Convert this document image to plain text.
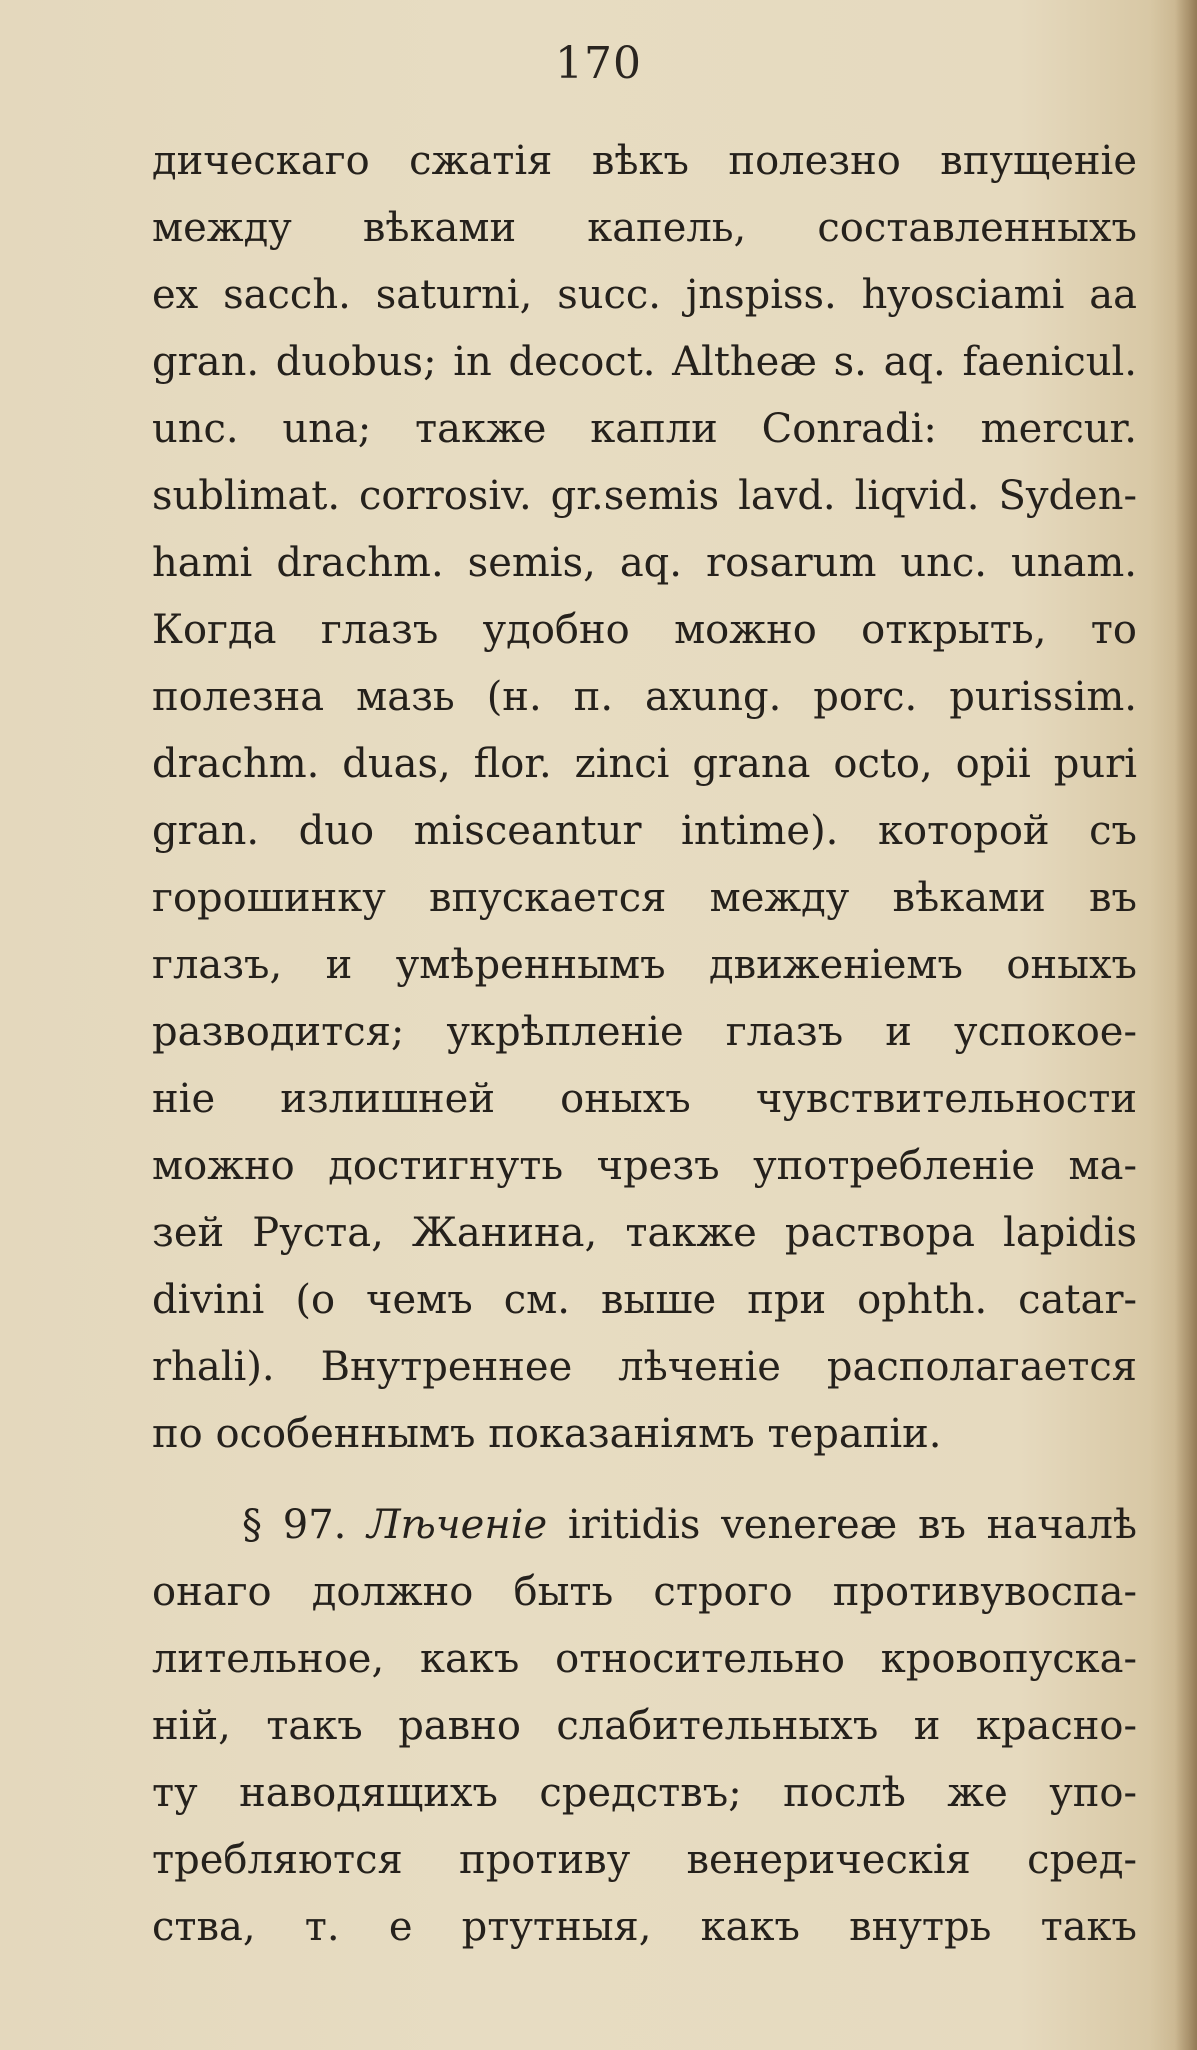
170
дическаго сжатія вѣкъ полезно впущеніе
между вѣками капель, составленныхъ
ex sacch. saturni, succ. jnspiss. hyosciami aa
gran. duobus; in decoct. Altheæ s. aq. faenicul.
unc. una; также капли Conradi: mercur.
sublimat. corrosiv. gr.semis lavd. liqvid. Syden-
hami drachm. semis, aq. rosarum unc. unam.
Когда глазъ удобно можно открыть, то
полезна мазь (н. п. axung. porc. purissim.
drachm. duas, flor. zinci grana octo, opii puri
gran. duo misceantur intime). которой съ
горошинку впускается между вѣками въ
глазъ, и умѣреннымъ движеніемъ оныхъ
разводится; укрѣпленіе глазъ и успокое-
ніе излишней оныхъ чувствительности
можно достигнуть чрезъ употребленіе ма-
зей Руста, Жанина, также раствора lapidis
divini (о чемъ см. выше при ophth. catar-
rhali). Внутреннее лѣченіе располагается
по особеннымъ показаніямъ терапіи.
§ 97. Лѣченіе iritidis venereæ въ началѣ
онаго должно быть строго противувоспа-
лительное, какъ относительно кровопуска-
ній, такъ равно слабительныхъ и красно-
ту наводящихъ средствъ; послѣ же упо-
требляются противу венерическія сред-
ства, т. е ртутныя, какъ внутрь такъ
